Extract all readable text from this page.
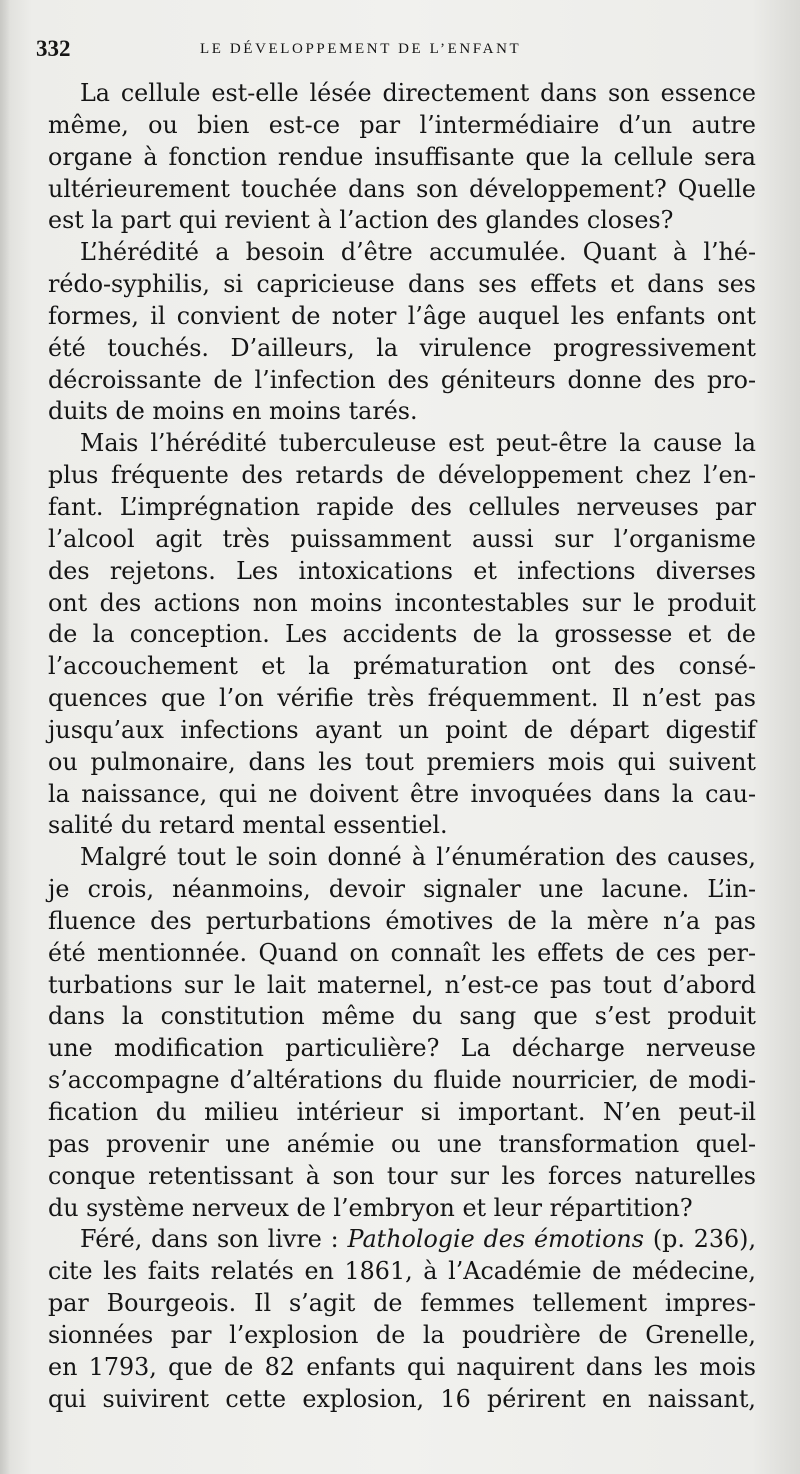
332	LE DÉVELOPPEMENT DE L’ENFANT
La cellule est-elle lésée directement dans son essence
même, ou bien est-ce par l’intermédiaire d’un autre
organe à fonction rendue insuffisante que la cellule sera
ultérieurement touchée dans son développement? Quelle
est la part qui revient à l’action des glandes closes?
L’hérédité a besoin d’être accumulée. Quant à l’hé-
rédo-syphilis, si capricieuse dans ses effets et dans ses
formes, il convient de noter l’âge auquel les enfants ont
été touchés. D’ailleurs, la virulence progressivement
décroissante de l’infection des géniteurs donne des pro-
duits de moins en moins tarés.
Mais l’hérédité tuberculeuse est peut-être la cause la
plus fréquente des retards de développement chez l’en-
fant. L’imprégnation rapide des cellules nerveuses par
l’alcool agit très puissamment aussi sur l’organisme
des rejetons. Les intoxications et infections diverses
ont des actions non moins incontestables sur le produit
de la conception. Les accidents de la grossesse et de
l’accouchement et la prématuration ont des consé-
quences que l’on vérifie très fréquemment. Il n’est pas
jusqu’aux infections ayant un point de départ digestif
ou pulmonaire, dans les tout premiers mois qui suivent
la naissance, qui ne doivent être invoquées dans la cau-
salité du retard mental essentiel.
Malgré tout le soin donné à l’énumération des causes,
je crois, néanmoins, devoir signaler une lacune. L’in-
fluence des perturbations émotives de la mère n’a pas
été mentionnée. Quand on connaît les effets de ces per-
turbations sur le lait maternel, n’est-ce pas tout d’abord
dans la constitution même du sang que s’est produit
une modification particulière? La décharge nerveuse
s’accompagne d’altérations du fluide nourricier, de modi-
fication du milieu intérieur si important. N’en peut-il
pas provenir une anémie ou une transformation quel-
conque retentissant à son tour sur les forces naturelles
du système nerveux de l’embryon et leur répartition?
Féré, dans son livre : Pathologie des émotions (p. 236),
cite les faits relatés en 1861, à l’Académie de médecine,
par Bourgeois. Il s’agit de femmes tellement impres-
sionnées par l’explosion de la poudrière de Grenelle,
en 1793, que de 82 enfants qui naquirent dans les mois
qui suivirent cette explosion, 16 périrent en naissant,
